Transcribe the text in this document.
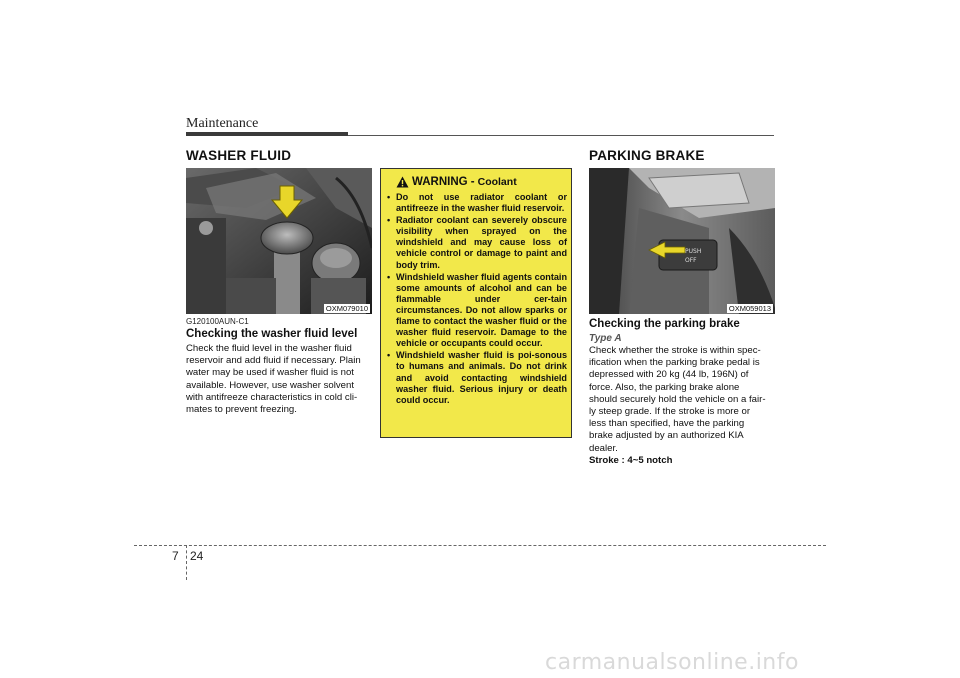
Maintenance
WASHER FLUID
OXM079010
G120100AUN-C1
Checking the washer fluid level
Check the fluid level in the washer fluid
reservoir and add fluid if necessary. Plain
water may be used if washer fluid is not
available. However, use washer solvent
with antifreeze characteristics in cold cli-
mates to prevent freezing.
WARNING - Coolant
• Do not use radiator coolant or antifreeze in the washer fluid reservoir.
• Radiator coolant can severely obscure visibility when sprayed on the windshield and may cause loss of vehicle control or damage to paint and body trim.
• Windshield washer fluid agents contain some amounts of alcohol and can be flammable under cer-tain circumstances. Do not allow sparks or flame to contact the washer fluid or the washer fluid reservoir. Damage to the vehicle or occupants could occur.
• Windshield washer fluid is poi-sonous to humans and animals. Do not drink and avoid contacting windshield washer fluid. Serious injury or death could occur.
PARKING BRAKE
PUSH
OFF
OXM059013
Checking the parking brake
Type A
Check whether the stroke is within spec-
ification when the parking brake pedal is
depressed with 20 kg (44 lb, 196N) of
force. Also, the parking brake alone
should securely hold the vehicle on a fair-
ly steep grade. If the stroke is more or
less than specified, have the parking
brake adjusted by an authorized KIA
dealer.
Stroke : 4~5 notch
7 24
carmanualsonline.info
